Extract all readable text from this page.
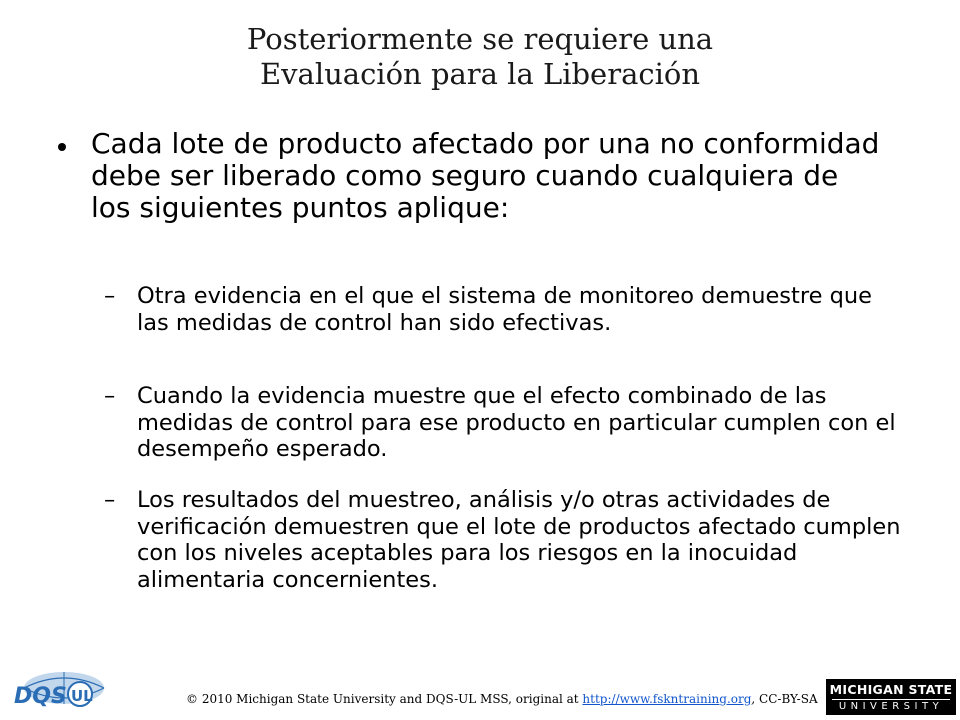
Posteriormente se requiere una
Evaluación para la Liberación
Cada lote de producto afectado por una no conformidad debe ser liberado como seguro cuando cualquiera de los siguientes puntos aplique:
– Otra evidencia en el que el sistema de monitoreo demuestre que las medidas de control han sido efectivas.
– Cuando la evidencia muestre que el efecto combinado de las medidas de control para ese producto en particular cumplen con el desempeño esperado.
– Los resultados del muestreo, análisis y/o otras actividades de verificación demuestren que el lote de productos afectado cumplen con los niveles aceptables para los riesgos en la inocuidad alimentaria concernientes.
DQS UL	© 2010 Michigan State University and DQS-UL MSS, original at http://www.fskntraining.org, CC-BY-SA
MICHIGAN STATE
UNIVERSITY
